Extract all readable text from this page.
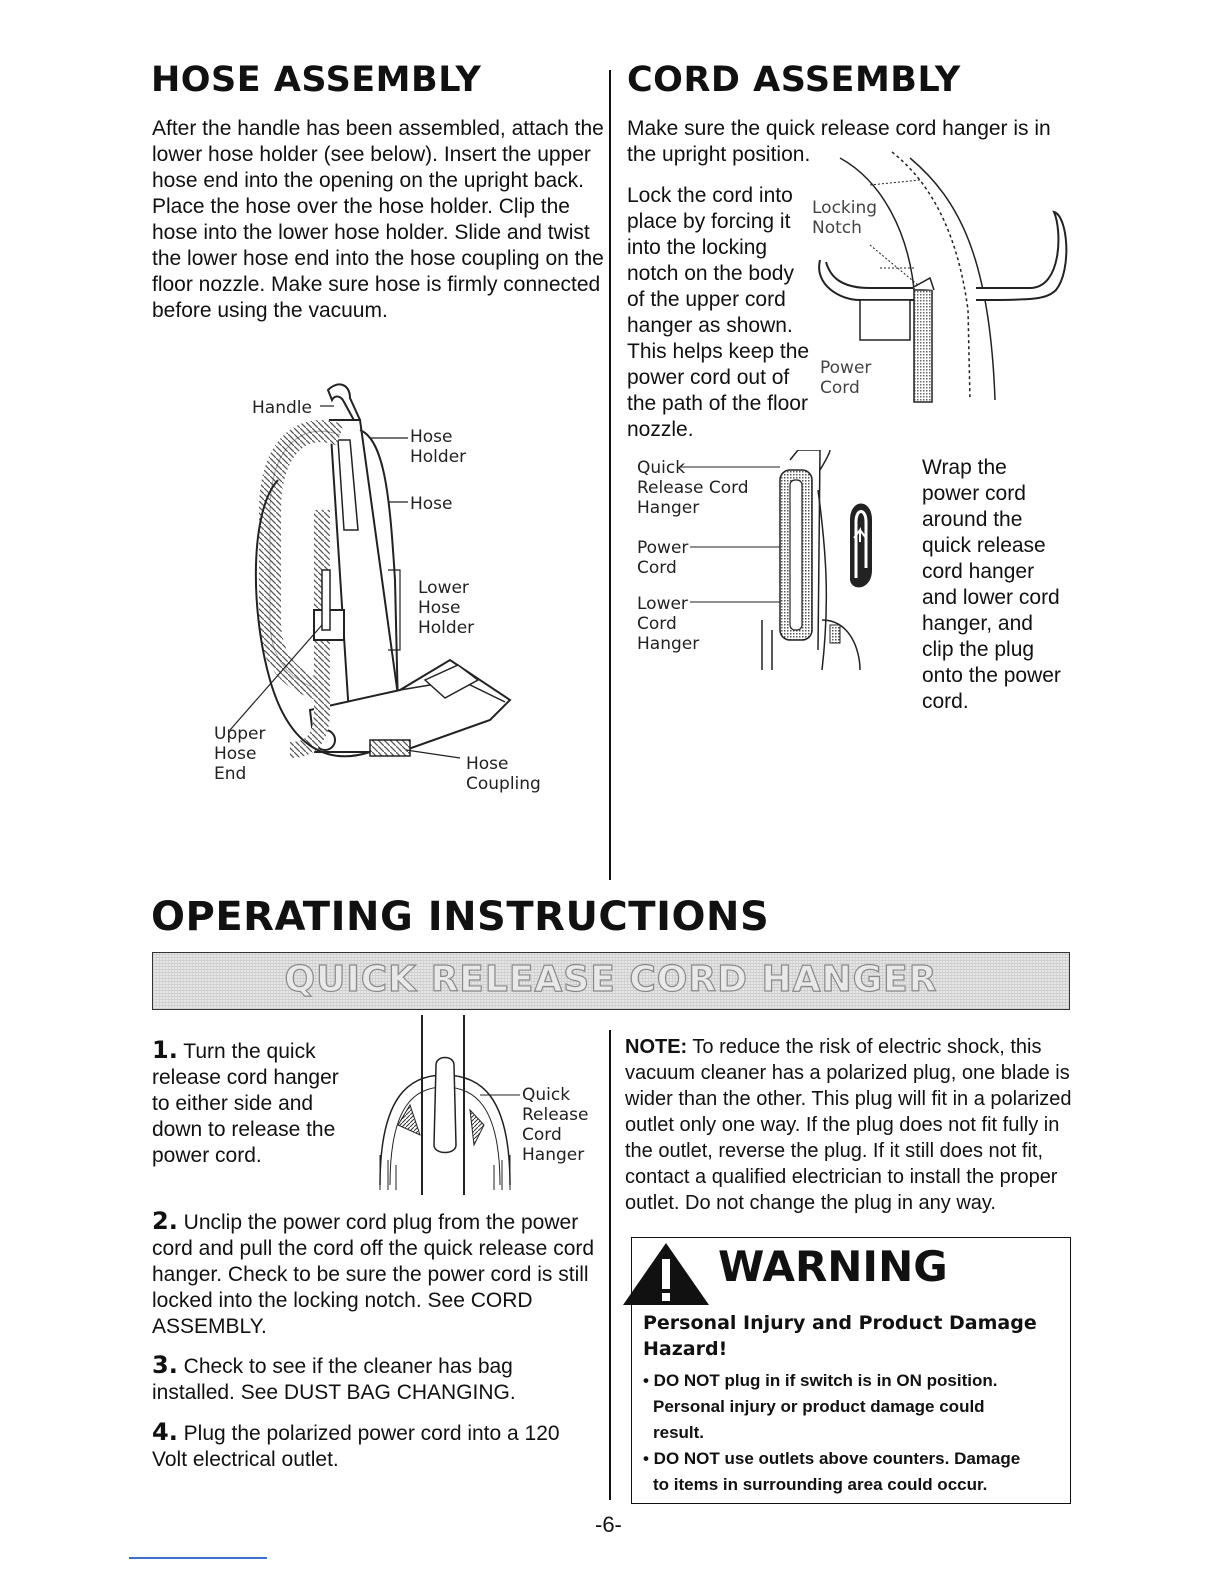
HOSE ASSEMBLY
After the handle has been assembled, attach the
lower hose holder (see below). Insert the upper
hose end into the opening on the upright back.
Place the hose over the hose holder. Clip the
hose into the lower hose holder. Slide and twist
the lower hose end into the hose coupling on the
floor nozzle. Make sure hose is firmly connected
before using the vacuum.
Handle
Hose
Holder
Hose
Lower
Hose
Holder
Upper
Hose
End	Hose
Coupling
CORD ASSEMBLY
Make sure the quick release cord hanger is in
the upright position.
Lock the cord into
place by forcing it
into the locking
notch on the body
of the upper cord
hanger as shown.
This helps keep the
power cord out of
the path of the floor
nozzle.
Locking
Notch
Power
Cord
Quick
Release Cord
Hanger
Power
Cord
Lower
Cord
Hanger
Wrap the
power cord
around the
quick release
cord hanger
and lower cord
hanger, and
clip the plug
onto the power
cord.
OPERATING INSTRUCTIONS
QUICK RELEASE CORD HANGER
1. Turn the quick
release cord hanger
to either side and
down to release the
power cord.
Quick
Release
Cord
Hanger
2. Unclip the power cord plug from the power
cord and pull the cord off the quick release cord
hanger. Check to be sure the power cord is still
locked into the locking notch. See CORD
ASSEMBLY.
3. Check to see if the cleaner has bag
installed. See DUST BAG CHANGING.
4. Plug the polarized power cord into a 120
Volt electrical outlet.
NOTE: To reduce the risk of electric shock, this
vacuum cleaner has a polarized plug, one blade is
wider than the other. This plug will fit in a polarized
outlet only one way. If the plug does not fit fully in
the outlet, reverse the plug. If it still does not fit,
contact a qualified electrician to install the proper
outlet. Do not change the plug in any way.
WARNING
Personal Injury and Product Damage
Hazard!
• DO NOT plug in if switch is in ON position.
Personal injury or product damage could
result.
• DO NOT use outlets above counters. Damage
to items in surrounding area could occur.
-6-
